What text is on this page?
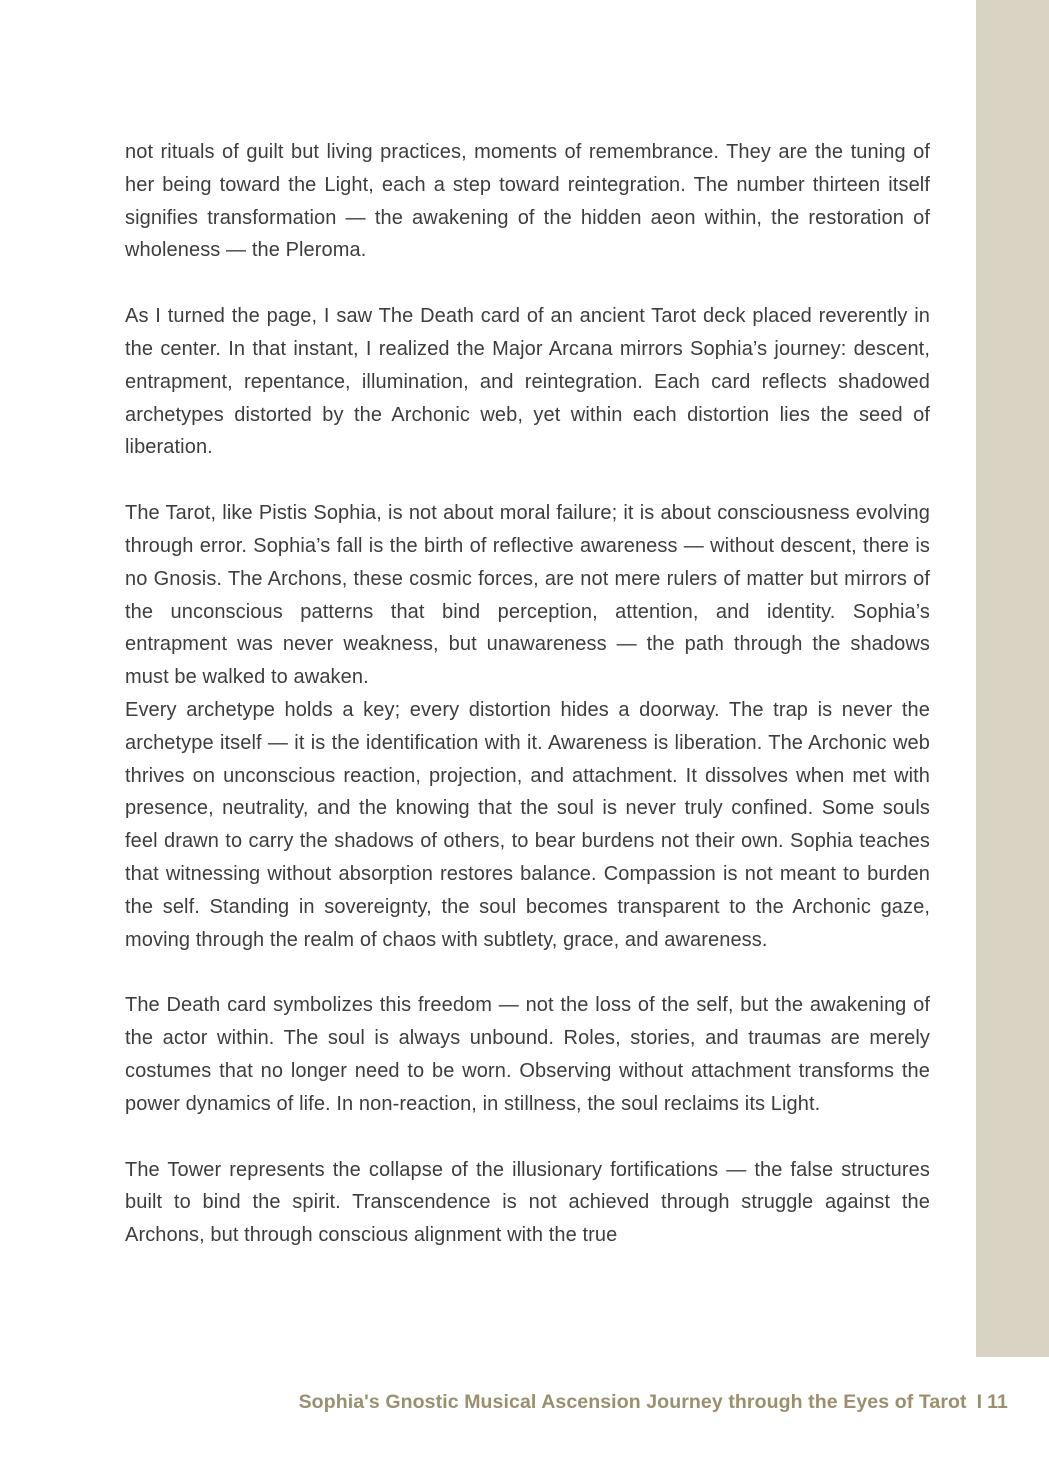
not rituals of guilt but living practices, moments of remembrance. They are the tuning of her being toward the Light, each a step toward reintegration. The number thirteen itself signifies transformation — the awakening of the hidden aeon within, the restoration of wholeness — the Pleroma.

As I turned the page, I saw The Death card of an ancient Tarot deck placed reverently in the center. In that instant, I realized the Major Arcana mirrors Sophia’s journey: descent, entrapment, repentance, illumination, and reintegration. Each card reflects shadowed archetypes distorted by the Archonic web, yet within each distortion lies the seed of liberation.

The Tarot, like Pistis Sophia, is not about moral failure; it is about consciousness evolving through error. Sophia’s fall is the birth of reflective awareness — without descent, there is no Gnosis. The Archons, these cosmic forces, are not mere rulers of matter but mirrors of the unconscious patterns that bind perception, attention, and identity. Sophia’s entrapment was never weakness, but unawareness — the path through the shadows must be walked to awaken.

Every archetype holds a key; every distortion hides a doorway. The trap is never the archetype itself — it is the identification with it. Awareness is liberation. The Archonic web thrives on unconscious reaction, projection, and attachment. It dissolves when met with presence, neutrality, and the knowing that the soul is never truly confined. Some souls feel drawn to carry the shadows of others, to bear burdens not their own. Sophia teaches that witnessing without absorption restores balance. Compassion is not meant to burden the self. Standing in sovereignty, the soul becomes transparent to the Archonic gaze, moving through the realm of chaos with subtlety, grace, and awareness.

The Death card symbolizes this freedom — not the loss of the self, but the awakening of the actor within. The soul is always unbound. Roles, stories, and traumas are merely costumes that no longer need to be worn. Observing without attachment transforms the power dynamics of life. In non-reaction, in stillness, the soul reclaims its Light.

The Tower represents the collapse of the illusionary fortifications — the false structures built to bind the spirit. Transcendence is not achieved through struggle against the Archons, but through conscious alignment with the true

Sophia's Gnostic Musical Ascension Journey through the Eyes of Tarot I 11
